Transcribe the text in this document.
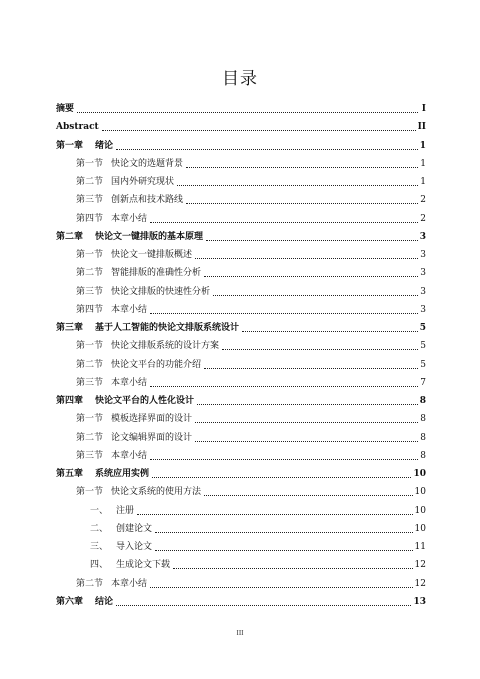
目录
摘要	I
Abstract	II
第一章 绪论	1
第一节 快论文的选题背景	1
第二节 国内外研究现状	1
第三节 创新点和技术路线	2
第四节 本章小结	2
第二章 快论文一键排版的基本原理	3
第一节 快论文一键排版概述	3
第二节 智能排版的准确性分析	3
第三节 快论文排版的快速性分析	3
第四节 本章小结	3
第三章 基于人工智能的快论文排版系统设计	5
第一节 快论文排版系统的设计方案	5
第二节 快论文平台的功能介绍	5
第三节 本章小结	7
第四章 快论文平台的人性化设计	8
第一节 模板选择界面的设计	8
第二节 论文编辑界面的设计	8
第三节 本章小结	8
第五章 系统应用实例	10
第一节 快论文系统的使用方法	10
一、 注册	10
二、 创建论文	10
三、 导入论文	11
四、 生成论文下载	12
第二节 本章小结	12
第六章 结论	13
III
